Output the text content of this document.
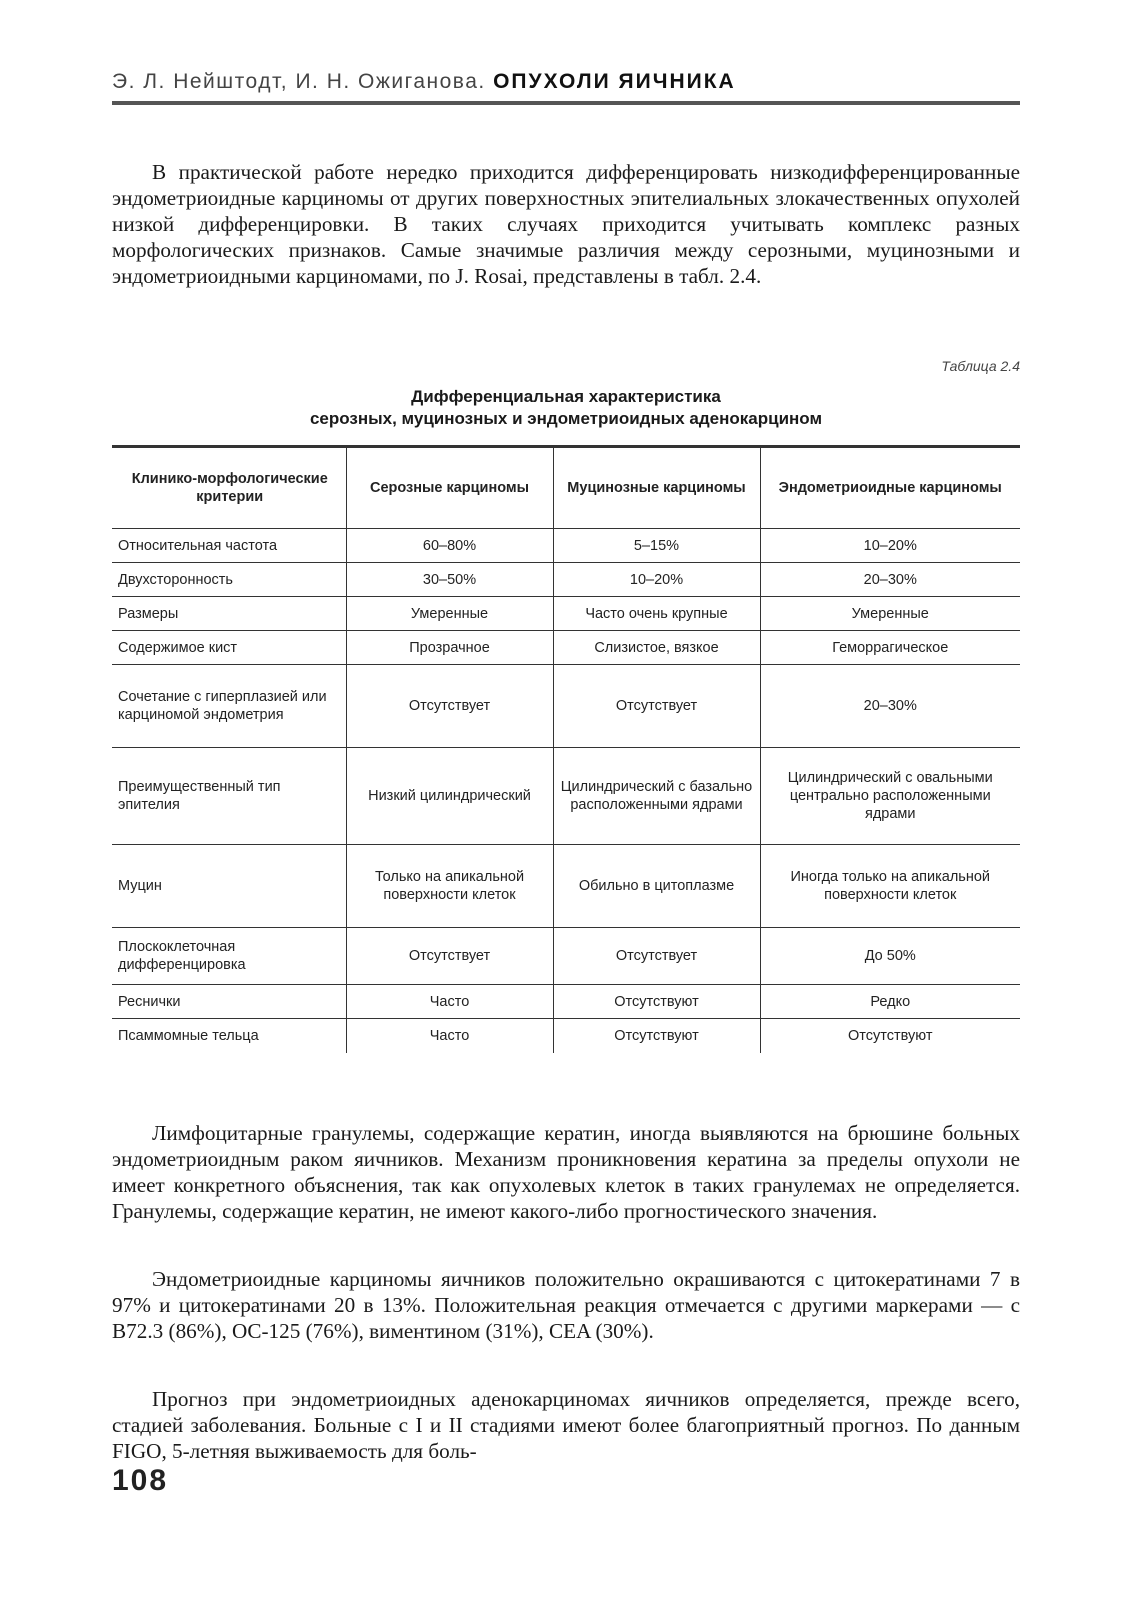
Э. Л. Нейштодт, И. Н. Ожиганова. ОПУХОЛИ ЯИЧНИКА

В практической работе нередко приходится дифференцировать низкодифференцированные эндометриоидные карциномы от других поверхностных эпителиальных злокачественных опухолей низкой дифференцировки. В таких случаях приходится учитывать комплекс разных морфологических признаков. Самые значимые различия между серозными, муцинозными и эндометриоидными карциномами, по J. Rosai, представлены в табл. 2.4.

Таблица 2.4
Дифференциальная характеристика
серозных, муцинозных и эндометриоидных аденокарцином
Клинико-морфологические критерии	Серозные карциномы	Муцинозные карциномы	Эндометриоидные карциномы
Относительная частота	60–80%	5–15%	10–20%
Двухсторонность	30–50%	10–20%	20–30%
Размеры	Умеренные	Часто очень крупные	Умеренные
Содержимое кист	Прозрачное	Слизистое, вязкое	Геморрагическое
Сочетание с гиперплазией или карциномой эндометрия	Отсутствует	Отсутствует	20–30%
Преимущественный тип эпителия	Низкий цилиндрический	Цилиндрический с базально расположенными ядрами	Цилиндрический с овальными центрально расположенными ядрами
Муцин	Только на апикальной поверхности клеток	Обильно в цитоплазме	Иногда только на апикальной поверхности клеток
Плоскоклеточная дифференцировка	Отсутствует	Отсутствует	До 50%
Реснички	Часто	Отсутствуют	Редко
Псаммомные тельца	Часто	Отсутствуют	Отсутствуют

Лимфоцитарные гранулемы, содержащие кератин, иногда выявляются на брюшине больных эндометриоидным раком яичников. Механизм проникновения кератина за пределы опухоли не имеет конкретного объяснения, так как опухолевых клеток в таких гранулемах не определяется. Гранулемы, содержащие кератин, не имеют какого-либо прогностического значения.

Эндометриоидные карциномы яичников положительно окрашиваются с цитокератинами 7 в 97% и цитокератинами 20 в 13%. Положительная реакция отмечается с другими маркерами — с B72.3 (86%), OC-125 (76%), виментином (31%), CEA (30%).

Прогноз при эндометриоидных аденокарциномах яичников определяется, прежде всего, стадией заболевания. Больные с I и II стадиями имеют более благоприятный прогноз. По данным FIGO, 5-летняя выживаемость для боль-

108
